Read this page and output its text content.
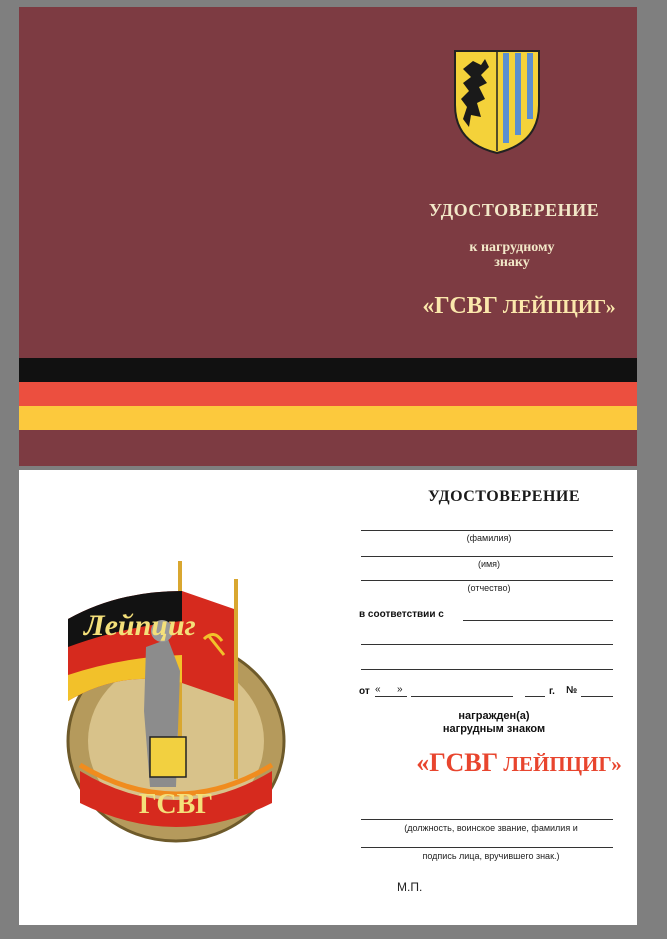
УДОСТОВЕРЕНИЕ
к нагрудному
знаку
«ГСВГ ЛЕЙПЦИГ»
Лейпциг
ГСВГ
УДОСТОВЕРЕНИЕ
(фамилия)
(имя)
(отчество)
в соответствии с
от « »	г. №
награжден(а)
нагрудным знаком
«ГСВГ ЛЕЙПЦИГ»
(должность, воинское звание, фамилия и
подпись лица, вручившего знак.)
М.П.
